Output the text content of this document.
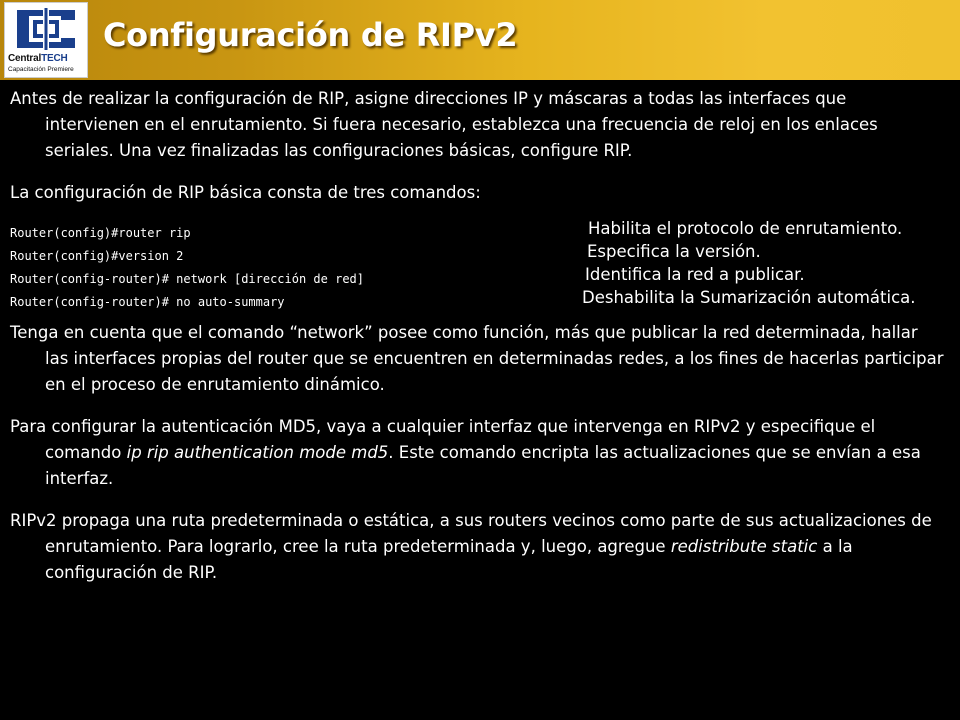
CentralTECH
Capacitación Premiere
Configuración de RIPv2

Antes de realizar la configuración de RIP, asigne direcciones IP y máscaras a todas las interfaces que intervienen en el enrutamiento. Si fuera necesario, establezca una frecuencia de reloj en los enlaces seriales. Una vez finalizadas las configuraciones básicas, configure RIP.

La configuración de RIP básica consta de tres comandos:

Router(config)#router rip	Habilita el protocolo de enrutamiento.
Router(config)#version 2	Especifica la versión.
Router(config-router)# network [dirección de red]	Identifica la red a publicar.
Router(config-router)# no auto-summary	Deshabilita la Sumarización automática.

Tenga en cuenta que el comando “network” posee como función, más que publicar la red determinada, hallar las interfaces propias del router que se encuentren en determinadas redes, a los fines de hacerlas participar en el proceso de enrutamiento dinámico.

Para configurar la autenticación MD5, vaya a cualquier interfaz que intervenga en RIPv2 y especifique el comando ip rip authentication mode md5. Este comando encripta las actualizaciones que se envían a esa interfaz.

RIPv2 propaga una ruta predeterminada o estática, a sus routers vecinos como parte de sus actualizaciones de enrutamiento. Para lograrlo, cree la ruta predeterminada y, luego, agregue redistribute static a la configuración de RIP.
